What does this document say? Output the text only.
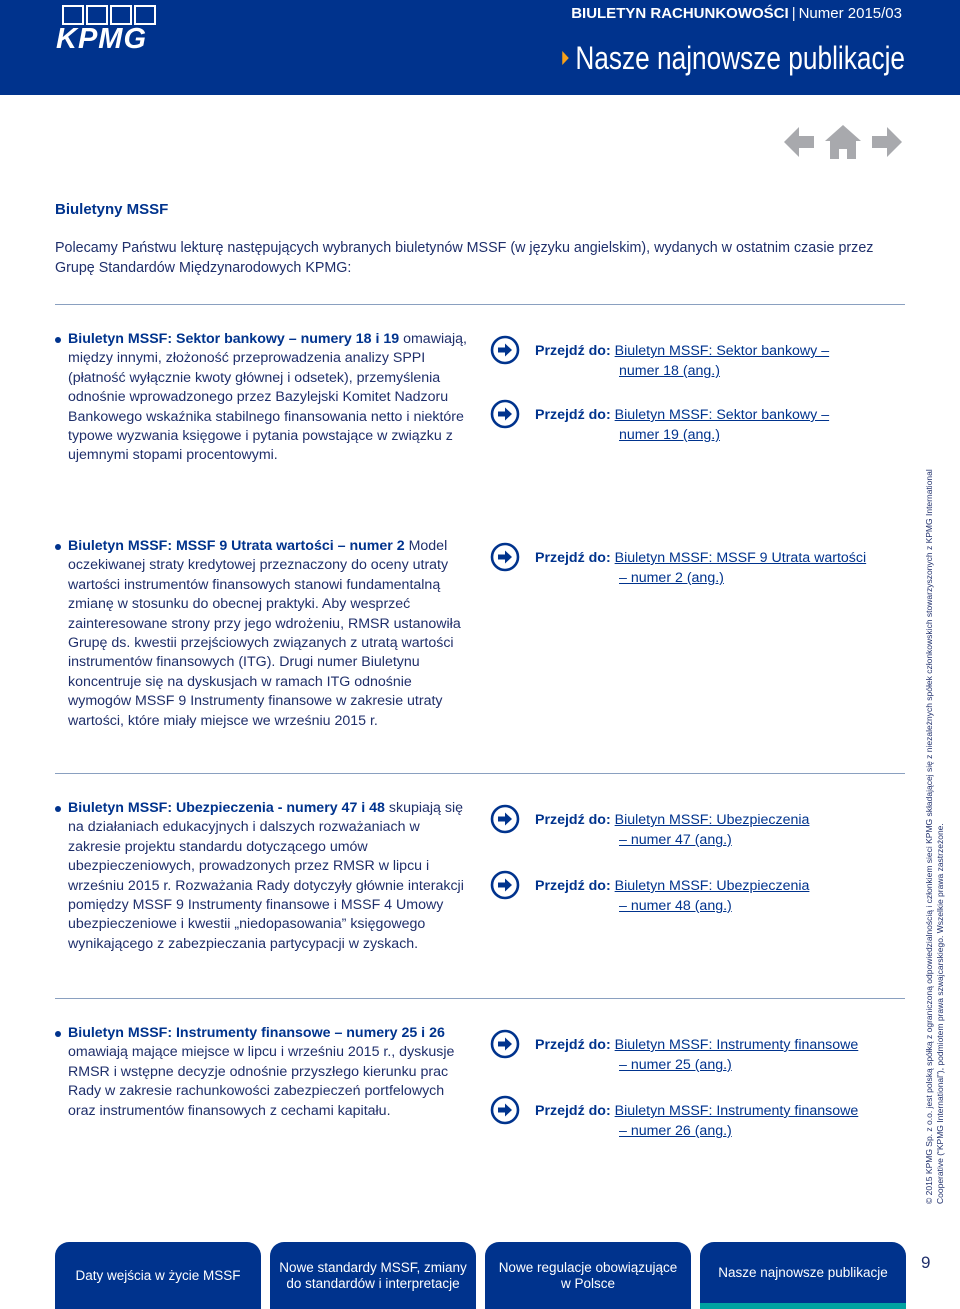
KPMG
BIULETYN RACHUNKOWOŚCI | Numer 2015/03
Nasze najnowsze publikacje
Biuletyny MSSF
Polecamy Państwu lekturę następujących wybranych biuletynów MSSF (w języku angielskim), wydanych w ostatnim czasie przez Grupę Standardów Międzynarodowych KPMG:
Biuletyn MSSF: Sektor bankowy – numery 18 i 19 omawiają, między innymi, złożoność przeprowadzenia analizy SPPI (płatność wyłącznie kwoty głównej i odsetek), przemyślenia odnośnie wprowadzonego przez Bazylejski Komitet Nadzoru Bankowego wskaźnika stabilnego finansowania netto i niektóre typowe wyzwania księgowe i pytania powstające w związku z ujemnymi stopami procentowymi.
Przejdź do: Biuletyn MSSF: Sektor bankowy –
numer 18 (ang.)
Przejdź do: Biuletyn MSSF: Sektor bankowy –
numer 19 (ang.)
Biuletyn MSSF: MSSF 9 Utrata wartości – numer 2 Model oczekiwanej straty kredytowej przeznaczony do oceny utraty wartości instrumentów finansowych stanowi fundamentalną zmianę w stosunku do obecnej praktyki. Aby wesprzeć zainteresowane strony przy jego wdrożeniu, RMSR ustanowiła Grupę ds. kwestii przejściowych związanych z utratą wartości instrumentów finansowych (ITG). Drugi numer Biuletynu koncentruje się na dyskusjach w ramach ITG odnośnie wymogów MSSF 9 Instrumenty finansowe w zakresie utraty wartości, które miały miejsce we wrześniu 2015 r.
Przejdź do: Biuletyn MSSF: MSSF 9 Utrata wartości
– numer 2 (ang.)
Biuletyn MSSF: Ubezpieczenia - numery 47 i 48 skupiają się na działaniach edukacyjnych i dalszych rozważaniach w zakresie projektu standardu dotyczącego umów ubezpieczeniowych, prowadzonych przez RMSR w lipcu i wrześniu 2015 r. Rozważania Rady dotyczyły głównie interakcji pomiędzy MSSF 9 Instrumenty finansowe i MSSF 4 Umowy ubezpieczeniowe i kwestii „niedopasowania” księgowego wynikającego z zabezpieczania partycypacji w zyskach.
Przejdź do: Biuletyn MSSF: Ubezpieczenia
– numer 47 (ang.)
Przejdź do: Biuletyn MSSF: Ubezpieczenia
– numer 48 (ang.)
Biuletyn MSSF: Instrumenty finansowe – numery 25 i 26 omawiają mające miejsce w lipcu i wrześniu 2015 r., dyskusje RMSR i wstępne decyzje odnośnie przyszłego kierunku prac Rady w zakresie rachunkowości zabezpieczeń portfelowych oraz instrumentów finansowych z cechami kapitału.
Przejdź do: Biuletyn MSSF: Instrumenty finansowe
– numer 25 (ang.)
Przejdź do: Biuletyn MSSF: Instrumenty finansowe
– numer 26 (ang.)	© 2015 KPMG Sp. z o.o. jest polską spółką z ograniczoną odpowiedzialnością i członkiem sieci KPMG składającej się z niezależnych spółek członkowskich stowarzyszonych z KPMG International Cooperative (“KPMG International”), podmiotem prawa szwajcarskiego. Wszelkie prawa zastrzeżone.
Daty wejścia w życie MSSF
Nowe standardy MSSF, zmiany do standardów i interpretacje
Nowe regulacje obowiązujące w Polsce
Nasze najnowsze publikacje	9
